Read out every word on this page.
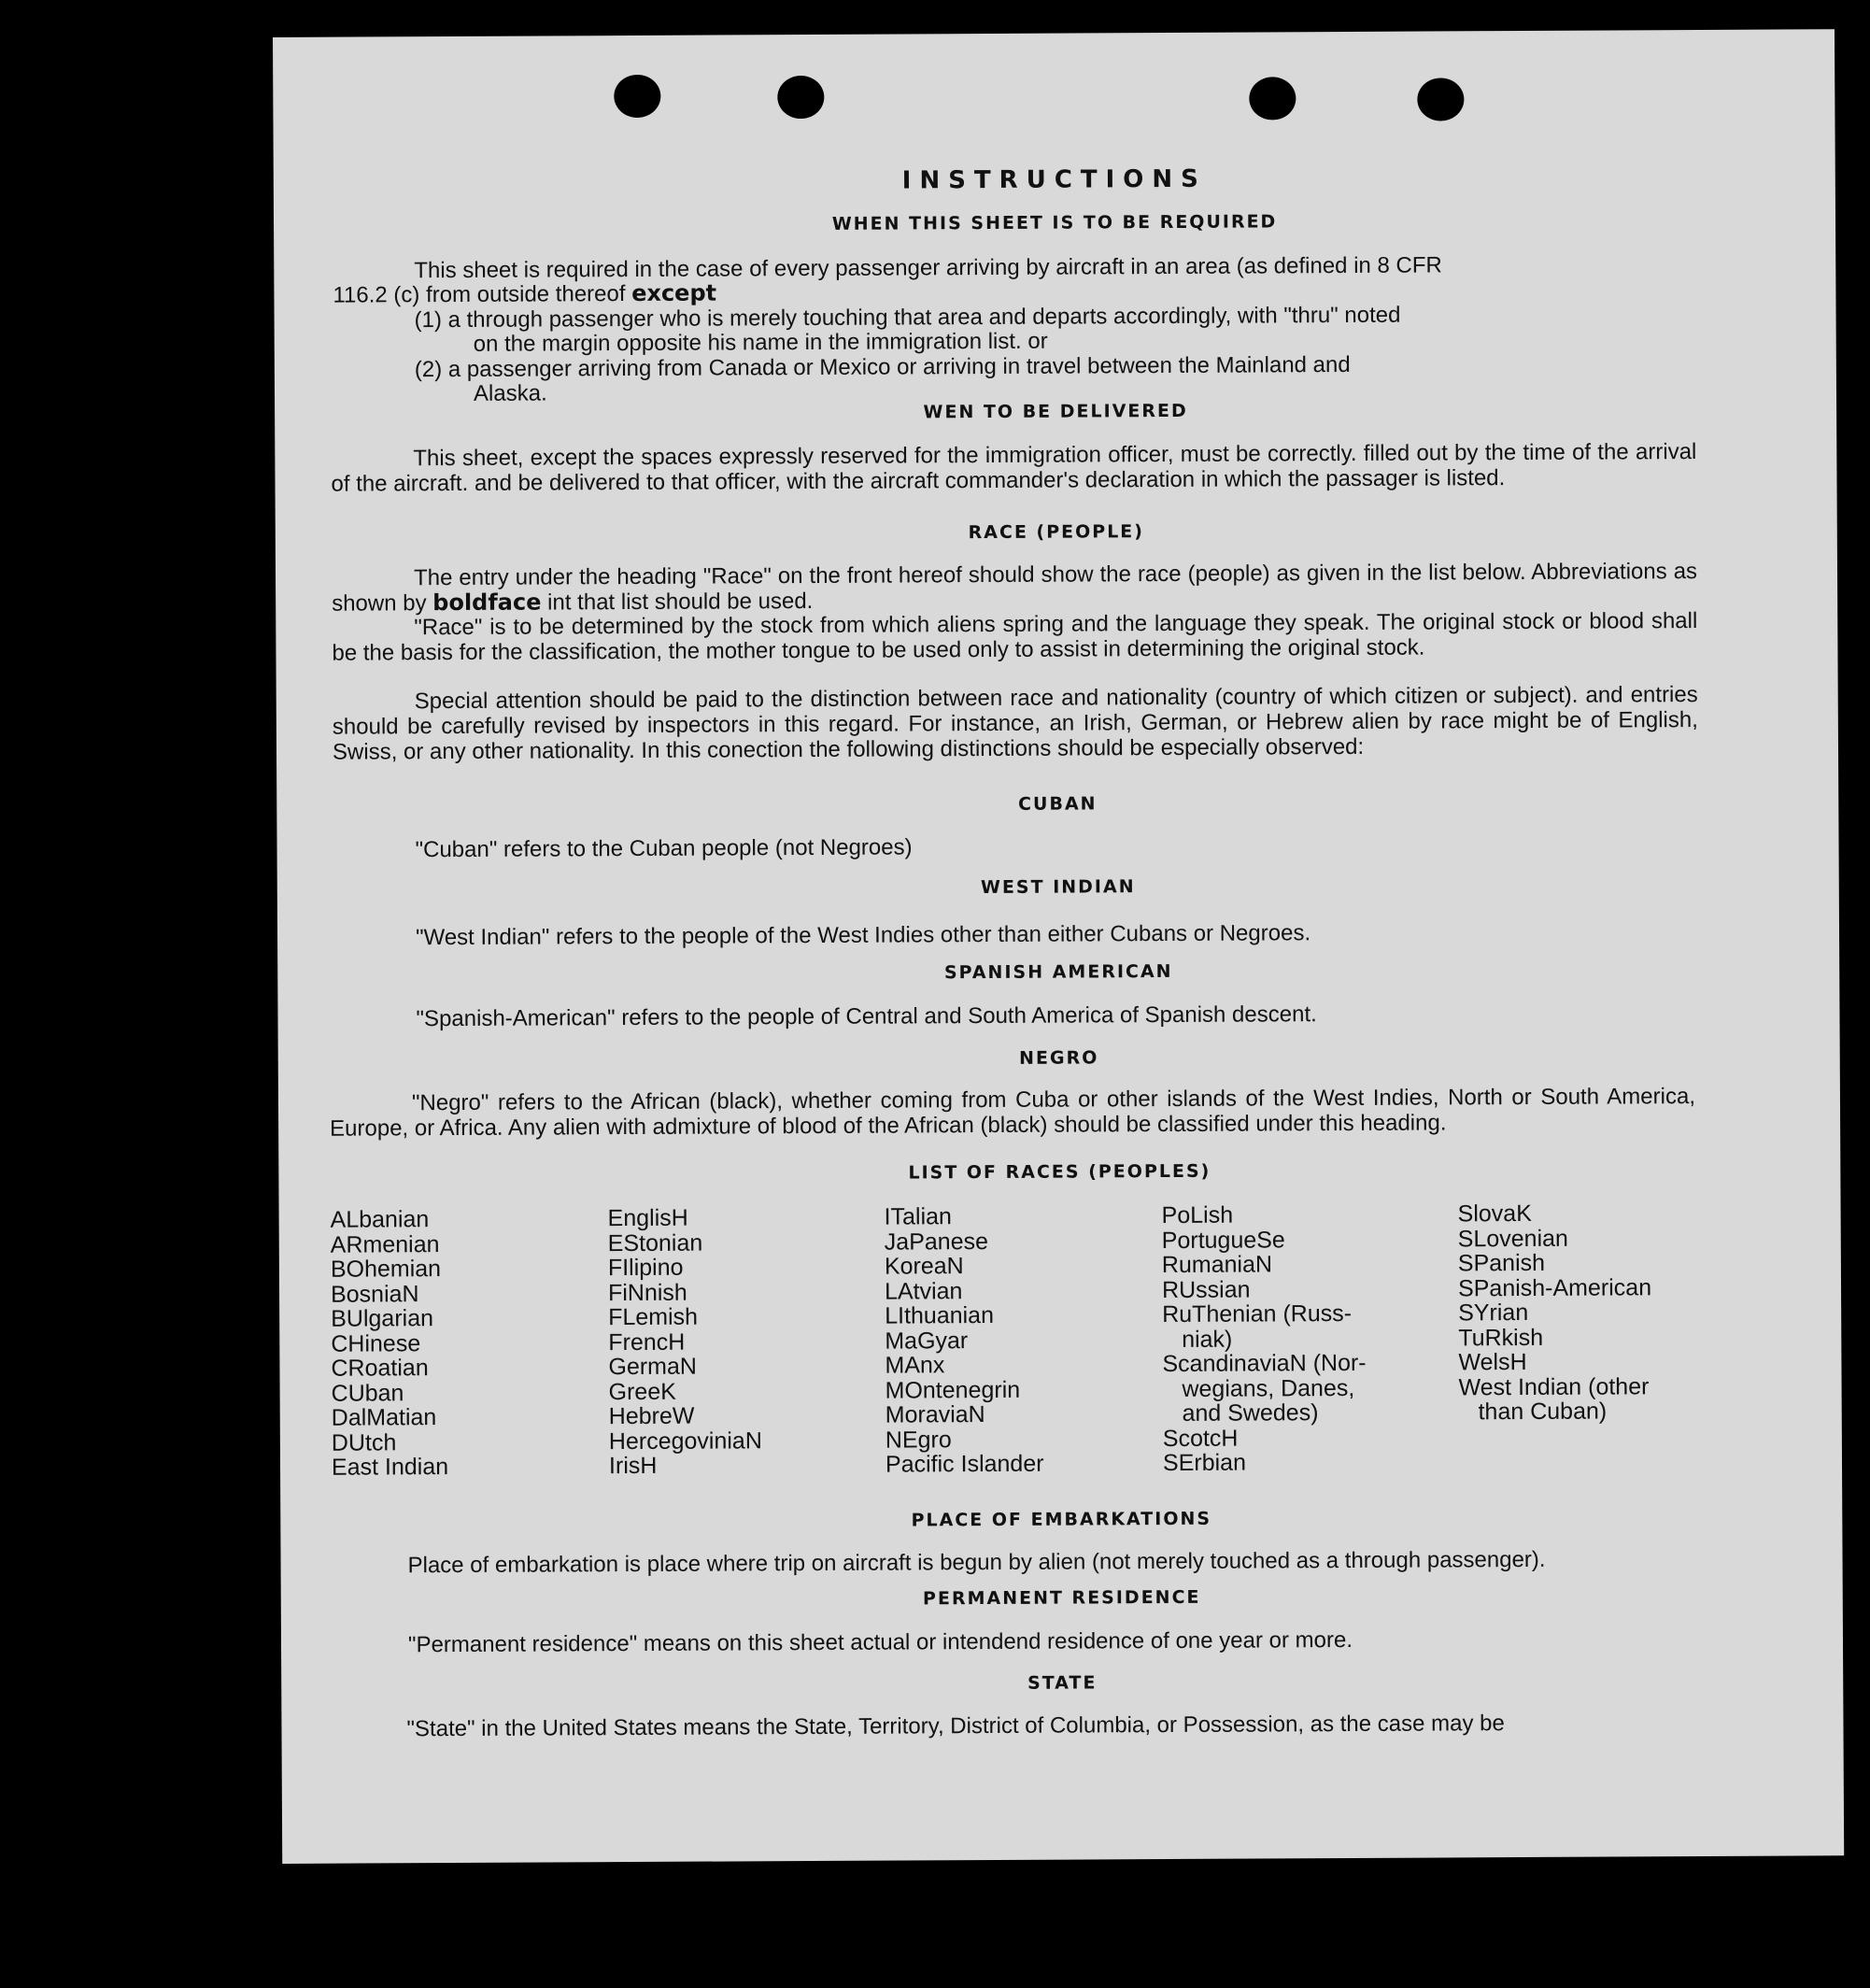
INSTRUCTIONS
WHEN THIS SHEET IS TO BE REQUIRED
This sheet is required in the case of every passenger arriving by aircraft in an area (as defined in 8 CFR
116.2 (c) from outside thereof except
(1) a through passenger who is merely touching that area and departs accordingly, with "thru" noted
on the margin opposite his name in the immigration list. or
(2) a passenger arriving from Canada or Mexico or arriving in travel between the Mainland and
Alaska.
WEN TO BE DELIVERED
This sheet, except the spaces expressly reserved for the immigration officer, must be correctly. filled out by the time of the arrival of the aircraft. and be delivered to that officer, with the aircraft commander's declaration in which the passager is listed.
RACE (PEOPLE)
The entry under the heading "Race" on the front hereof should show the race (people) as given in the list below. Abbreviations as shown by boldface int that list should be used.
"Race" is to be determined by the stock from which aliens spring and the language they speak. The original stock or blood shall be the basis for the classification, the mother tongue to be used only to assist in determining the original stock.
Special attention should be paid to the distinction between race and nationality (country of which citizen or subject). and entries should be carefully revised by inspectors in this regard. For instance, an Irish, German, or Hebrew alien by race might be of English, Swiss, or any other nationality. In this conection the following distinctions should be especially observed:
CUBAN
"Cuban" refers to the Cuban people (not Negroes)
WEST INDIAN
"West Indian" refers to the people of the West Indies other than either Cubans or Negroes.
SPANISH AMERICAN
"Spanish-American" refers to the people of Central and South America of Spanish descent.
NEGRO
"Negro" refers to the African (black), whether coming from Cuba or other islands of the West Indies, North or South America, Europe, or Africa. Any alien with admixture of blood of the African (black) should be classified under this heading.
LIST OF RACES (PEOPLES)
ALbanian
ARmenian
BOhemian
BosniaN
BUlgarian
CHinese
CRoatian
CUban
DalMatian
DUtch
East Indian
EnglisH
EStonian
FIlipino
FiNnish
FLemish
FrencH
GermaN
GreeK
HebreW
HercegoviniaN
IrisH
ITalian
JaPanese
KoreaN
LAtvian
LIthuanian
MaGyar
MAnx
MOntenegrin
MoraviaN
NEgro
Pacific Islander
PoLish
PortugueSe
RumaniaN
RUssian
RuThenian (Russ-
niak)
ScandinaviaN (Nor-
wegians, Danes,
and Swedes)
ScotcH
SErbian
SlovaK
SLovenian
SPanish
SPanish-American
SYrian
TuRkish
WelsH
West Indian (other
than Cuban)
PLACE OF EMBARKATIONS
Place of embarkation is place where trip on aircraft is begun by alien (not merely touched as a through passenger).
PERMANENT RESIDENCE
"Permanent residence" means on this sheet actual or intendend residence of one year or more.
STATE
"State" in the United States means the State, Territory, District of Columbia, or Possession, as the case may be
